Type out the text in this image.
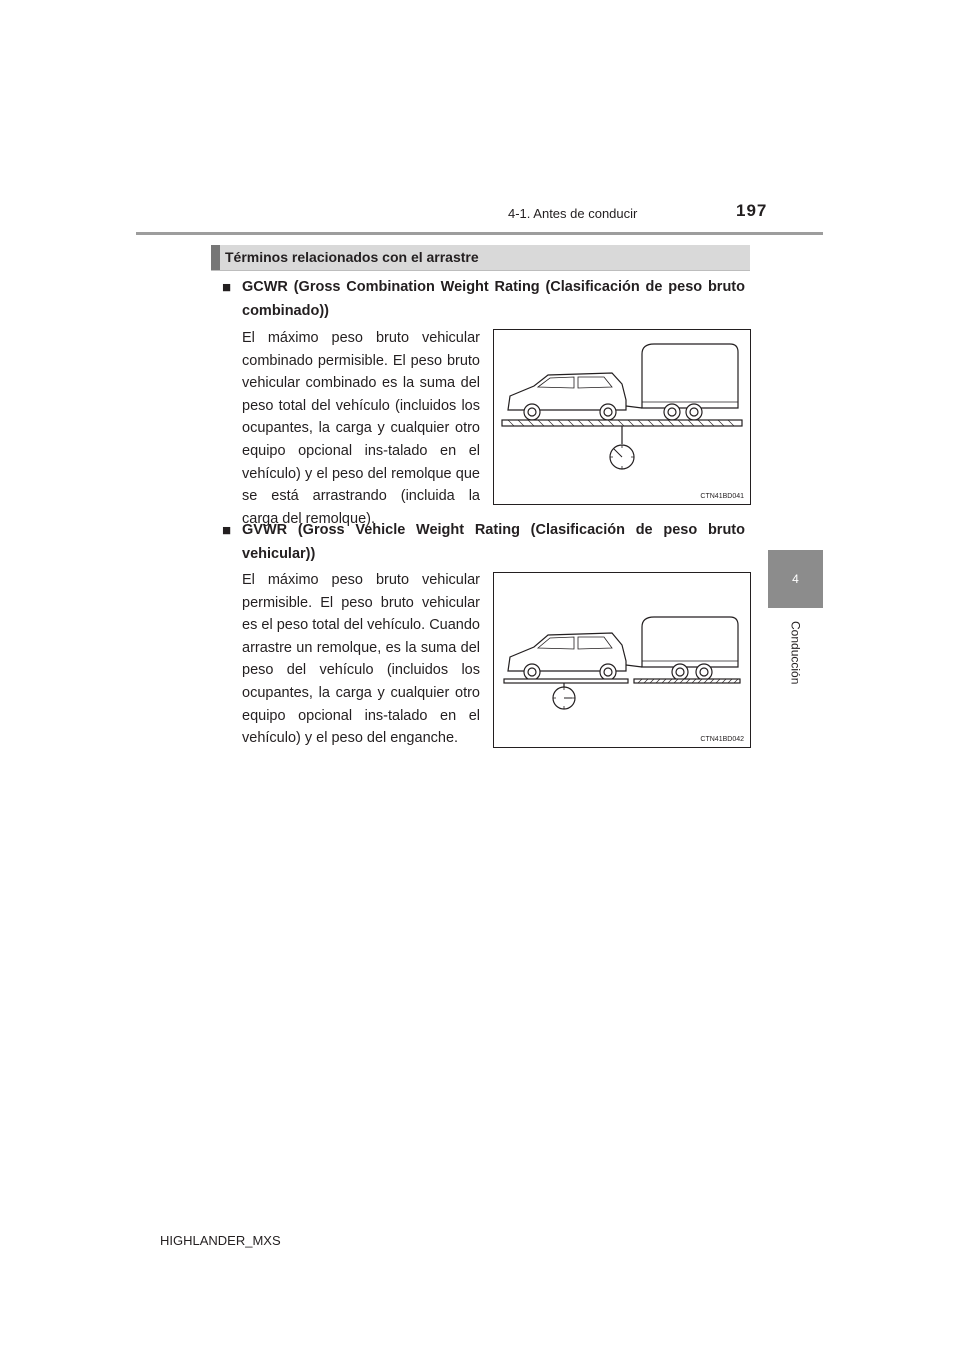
4-1. Antes de conducir	197
4
Conducción
Términos relacionados con el arrastre
■ GCWR (Gross Combination Weight Rating (Clasificación de peso bruto combinado))

El máximo peso bruto vehicular combinado permisible. El peso bruto vehicular combinado es la suma del peso total del vehículo (incluidos los ocupantes, la carga y cualquier otro equipo opcional ins-talado en el vehículo) y el peso del remolque que se está arrastrando (incluida la carga del remolque).

CTN41BD041
■ GVWR (Gross Vehicle Weight Rating (Clasificación de peso bruto vehicular))

El máximo peso bruto vehicular permisible. El peso bruto vehicular es el peso total del vehículo. Cuando arrastre un remolque, es la suma del peso del vehículo (incluidos los ocupantes, la carga y cualquier otro equipo opcional ins-talado en el vehículo) y el peso del enganche.	CTN41BD042
HIGHLANDER_MXS
